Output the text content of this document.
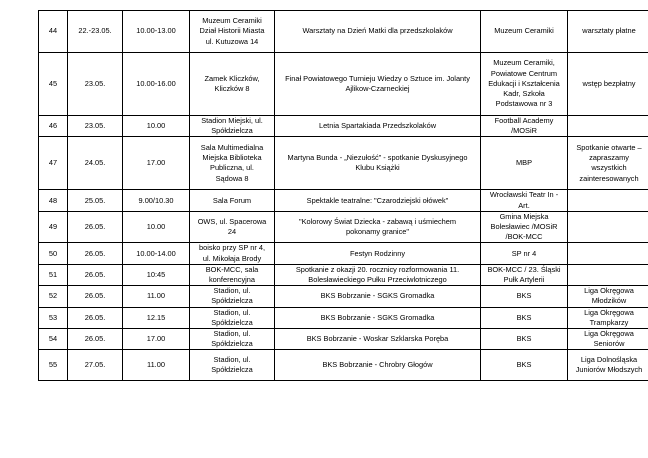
44	22.-23.05.	10.00-13.00	Muzeum Ceramiki
Dział Historii Miasta
ul. Kutuzowa 14	Warsztaty na Dzień Matki dla przedszkolaków	Muzeum Ceramiki	warsztaty płatne

45	23.05.	10.00-16.00	Zamek Kliczków,
Kliczków 8	Finał Powiatowego Turnieju Wiedzy o Sztuce im. Jolanty
Ajlikow-Czarneckiej	Muzeum Ceramiki,
Powiatowe Centrum
Edukacji i Kształcenia
Kadr, Szkoła
Podstawowa nr 3	wstęp bezpłatny

46	23.05.	10.00	Stadion Miejski, ul.
Spółdzielcza	Letnia Spartakiada Przedszkolaków	Football Academy
/MOSiR	

47	24.05.	17.00	Sala Multimedialna
Miejska Biblioteka
Publiczna, ul.
Sądowa 8	Martyna Bunda - „Niezułość” - spotkanie Dyskusyjnego
Klubu Książki	MBP	Spotkanie otwarte –
zapraszamy
wszystkich
zainteresowanych

48	25.05.	9.00/10.30	Sala Forum	Spektakle teatralne: "Czarodziejski ołówek"	Wrocławski Teatr In -
Art.	

49	26.05.	10.00	OWS, ul. Spacerowa
24	"Kolorowy Świat Dziecka - zabawą i uśmiechem
pokonamy granice"	Gmina Miejska
Bolesławiec /MOSiR
/BOK-MCC	

50	26.05.	10.00-14.00	boisko przy SP nr 4,
ul. Mikołaja Brody	Festyn Rodzinny	SP nr 4	

51	26.05.	10:45	BOK-MCC, sala
konferencyjna	Spotkanie z okazji 20. rocznicy rozformowania 11.
Bolesławieckiego Pułku Przeciwlotniczego	BOK-MCC / 23. Śląski
Pułk Artylerii	

52	26.05.	11.00	Stadion, ul.
Spółdzielcza	BKS Bobrzanie - SGKS Gromadka	BKS	Liga Okręgowa
Młodzików

53	26.05.	12.15	Stadion, ul.
Spółdzielcza	BKS Bobrzanie - SGKS Gromadka	BKS	Liga Okręgowa
Trampkarzy

54	26.05.	17.00	Stadion, ul.
Spółdzielcza	BKS Bobrzanie - Woskar Szklarska Poręba	BKS	Liga Okręgowa
Seniorów

55	27.05.	11.00	Stadion, ul.
Spółdzielcza	BKS Bobrzanie - Chrobry Głogów	BKS	Liga Dolnośląska
Juniorów Młodszych
